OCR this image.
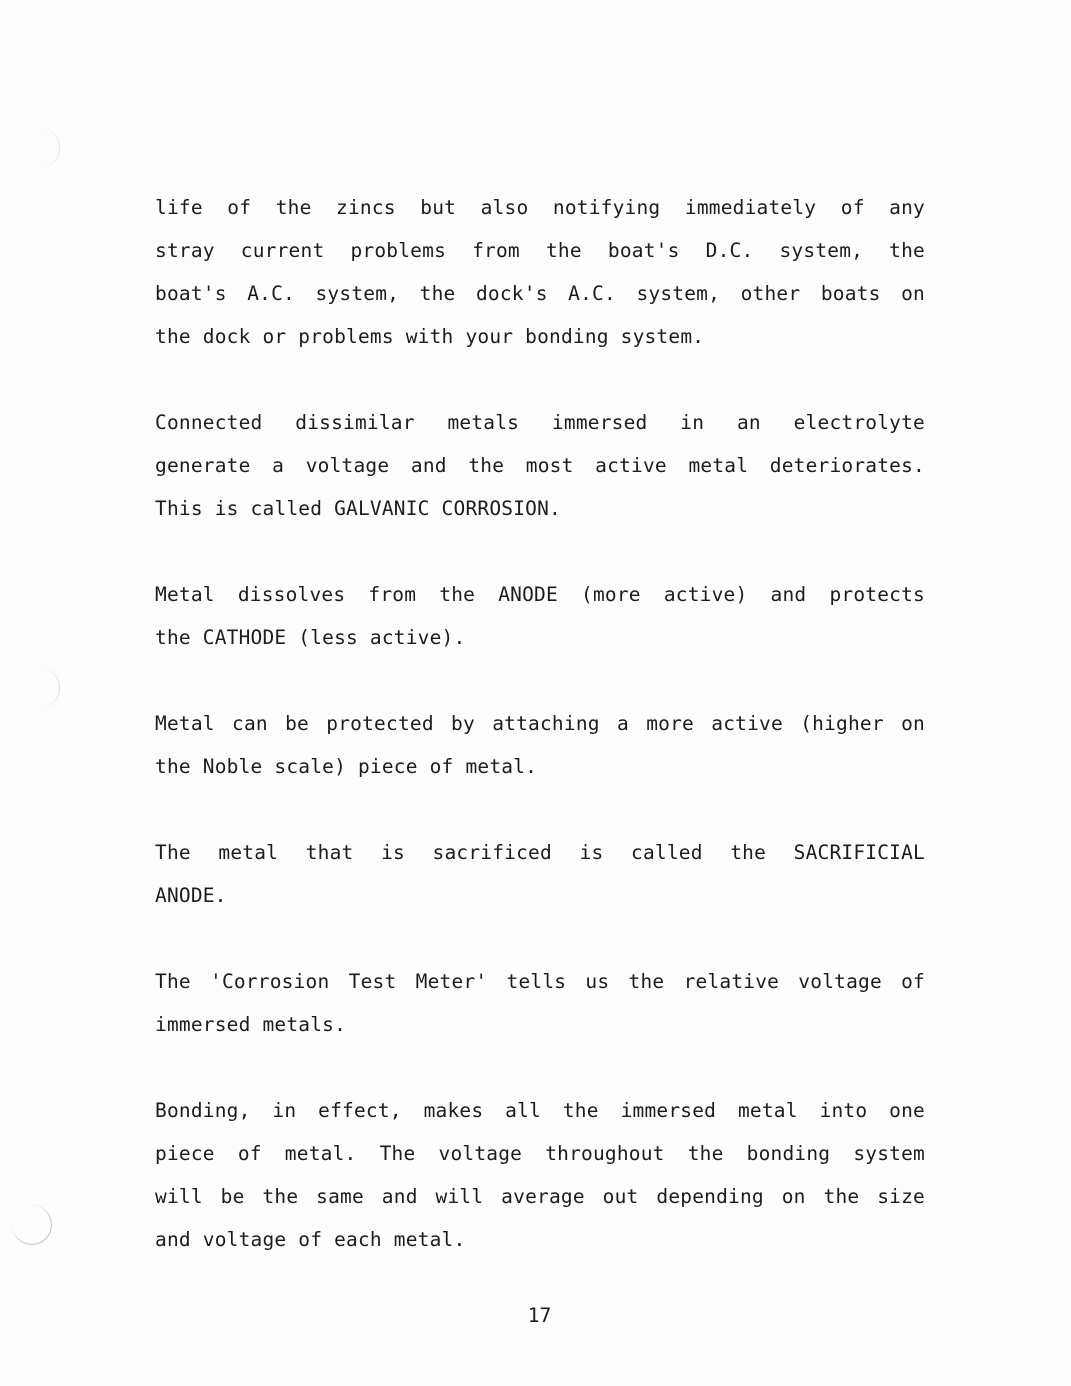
life of the zincs but also notifying immediately of any
stray current problems from the boat's D.C. system, the
boat's A.C. system, the dock's A.C. system, other boats on
the dock or problems with your bonding system.
Connected dissimilar metals immersed in an electrolyte
generate a voltage and the most active metal deteriorates.
This is called GALVANIC CORROSION.
Metal dissolves from the ANODE (more active) and protects
the CATHODE (less active).
Metal can be protected by attaching a more active (higher on
the Noble scale) piece of metal.
The metal that is sacrificed is called the SACRIFICIAL
ANODE.
The 'Corrosion Test Meter' tells us the relative voltage of
immersed metals.
Bonding, in effect, makes all the immersed metal into one
piece of metal. The voltage throughout the bonding system
will be the same and will average out depending on the size
and voltage of each metal.
17
